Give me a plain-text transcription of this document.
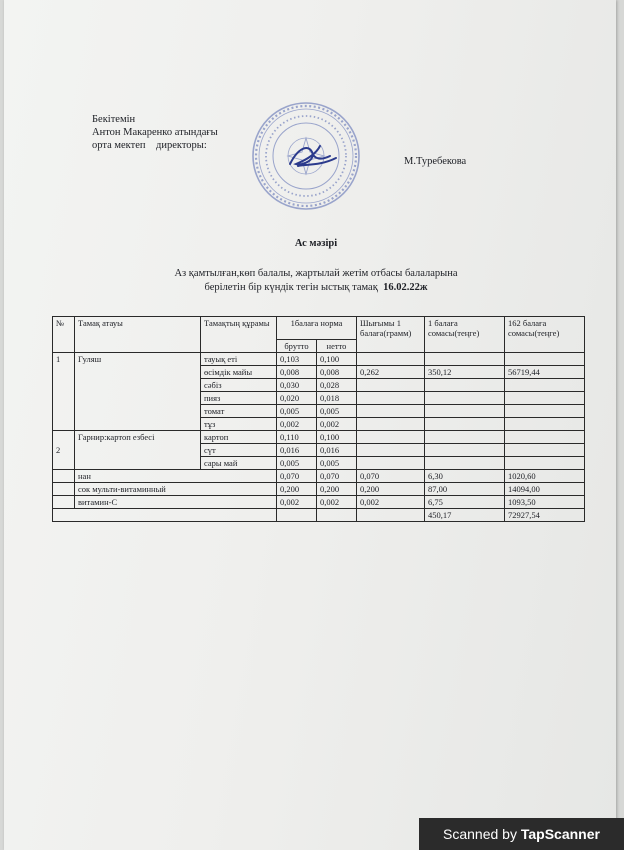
Бекітемін
Антон Макаренко атындағы
орта мектеп    директоры:
М.Туребекова
Ас мәзірі
Аз қамтылған,көп балалы, жартылай жетім отбасы балаларына
берілетін бір күндік тегін ыстық тамақ 16.02.22ж
№	Тамақ атауы	Тамақтың құрамы	1балаға норма		Шығымы 1 балаға(грамм)	1 балаға сомасы(теңге)	162 балаға сомасы(теңге)
			брутто	нетто			
1	Гуляш	тауық еті	0,103	0,100			
		өсімдік майы	0,008	0,008	0,262	350,12	56719,44
		сәбіз	0,030	0,028			
		пияз	0,020	0,018			
		томат	0,005	0,005			
		тұз	0,002	0,002			
2	Гарнир:картоп езбесі	картоп	0,110	0,100			
		сүт	0,016	0,016			
		сары май	0,005	0,005			
	нан		0,070	0,070	0,070	6,30	1020,60
	сок мульти-витаминный		0,200	0,200	0,200	87,00	14094,00
	витамин-С		0,002	0,002	0,002	6,75	1093,50
						450,17	72927,54
Scanned by TapScanner
